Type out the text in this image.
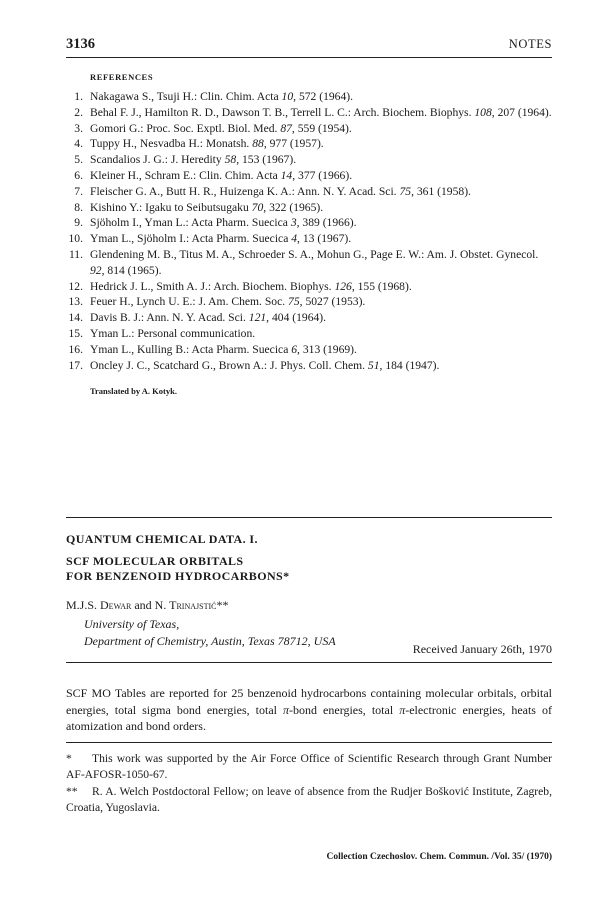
3136	NOTES
REFERENCES
1. Nakagawa S., Tsuji H.: Clin. Chim. Acta 10, 572 (1964).
2. Behal F. J., Hamilton R. D., Dawson T. B., Terrell L. C.: Arch. Biochem. Biophys. 108, 207 (1964).
3. Gomori G.: Proc. Soc. Exptl. Biol. Med. 87, 559 (1954).
4. Tuppy H., Nesvadba H.: Monatsh. 88, 977 (1957).
5. Scandalios J. G.: J. Heredity 58, 153 (1967).
6. Kleiner H., Schram E.: Clin. Chim. Acta 14, 377 (1966).
7. Fleischer G. A., Butt H. R., Huizenga K. A.: Ann. N. Y. Acad. Sci. 75, 361 (1958).
8. Kishino Y.: Igaku to Seibutsugaku 70, 322 (1965).
9. Sjöholm I., Yman L.: Acta Pharm. Suecica 3, 389 (1966).
10. Yman L., Sjöholm I.: Acta Pharm. Suecica 4, 13 (1967).
11. Glendening M. B., Titus M. A., Schroeder S. A., Mohun G., Page E. W.: Am. J. Obstet. Gynecol. 92, 814 (1965).
12. Hedrick J. L., Smith A. J.: Arch. Biochem. Biophys. 126, 155 (1968).
13. Feuer H., Lynch U. E.: J. Am. Chem. Soc. 75, 5027 (1953).
14. Davis B. J.: Ann. N. Y. Acad. Sci. 121, 404 (1964).
15. Yman L.: Personal communication.
16. Yman L., Kulling B.: Acta Pharm. Suecica 6, 313 (1969).
17. Oncley J. C., Scatchard G., Brown A.: J. Phys. Coll. Chem. 51, 184 (1947).
Translated by A. Kotyk.
QUANTUM CHEMICAL DATA. I.
SCF MOLECULAR ORBITALS
FOR BENZENOID HYDROCARBONS*
M.J.S. Dewar and N. Trinajstić**
University of Texas,
Department of Chemistry, Austin, Texas 78712, USA
Received January 26th, 1970
SCF MO Tables are reported for 25 benzenoid hydrocarbons containing molecular orbitals, orbital energies, total sigma bond energies, total π-bond energies, total π-electronic energies, heats of atomization and bond orders.
* This work was supported by the Air Force Office of Scientific Research through Grant Number AF-AFOSR-1050-67.
** R. A. Welch Postdoctoral Fellow; on leave of absence from the Rudjer Bošković Institute, Zagreb, Croatia, Yugoslavia.
Collection Czechoslov. Chem. Commun. /Vol. 35/ (1970)
